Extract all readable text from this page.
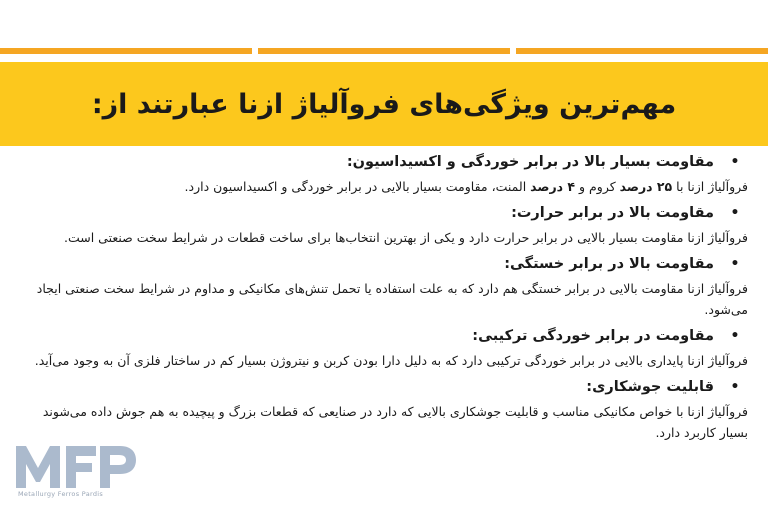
مهم‌ترین ویژگی‌های فروآلیاژ ازنا عبارتند از:
•
مقاومت بسیار بالا در برابر خوردگی و اکسیداسیون:
فروآلیاژ ازنا با ۲۵ درصد کروم و ۴ درصد المنت، مقاومت بسیار بالایی در برابر خوردگی و اکسیداسیون دارد.
•
مقاومت بالا در برابر حرارت:
فروآلیاژ ازنا مقاومت بسیار بالایی در برابر حرارت دارد و یکی از بهترین انتخاب‌ها برای ساخت قطعات در شرایط سخت صنعتی است.
•
مقاومت بالا در برابر خستگی:
فروآلیاژ ازنا مقاومت بالایی در برابر خستگی هم دارد که به علت استفاده یا تحمل تنش‌های مکانیکی و مداوم در شرایط سخت صنعتی ایجاد می‌شود.
•
مقاومت در برابر خوردگی ترکیبی:
فروآلیاژ ازنا پایداری بالایی در برابر خوردگی ترکیبی دارد که به دلیل دارا بودن کربن و نیتروژن بسیار کم در ساختار فلزی آن به وجود می‌آید.
•
قابلیت جوشکاری:
فروآلیاژ ازنا با خواص مکانیکی مناسب و قابلیت جوشکاری بالایی که دارد در صنایعی که قطعات بزرگ و پیچیده به هم جوش داده می‌شوند بسیار کاربرد دارد.
Metallurgy Ferros Pardis
